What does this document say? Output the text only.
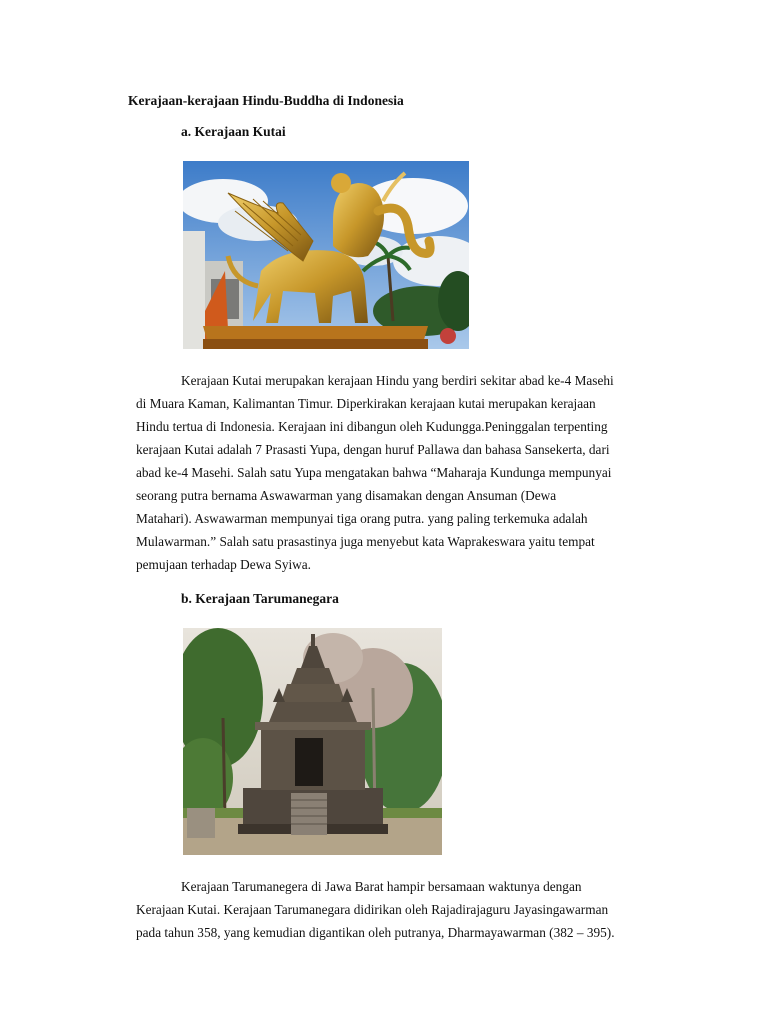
Kerajaan-kerajaan Hindu-Buddha di Indonesia
a. Kerajaan Kutai
Kerajaan Kutai merupakan kerajaan Hindu yang berdiri sekitar abad ke-4 Masehi
di Muara Kaman, Kalimantan Timur. Diperkirakan kerajaan kutai merupakan kerajaan
Hindu tertua di Indonesia. Kerajaan ini dibangun oleh Kudungga.Peninggalan terpenting
kerajaan Kutai adalah 7 Prasasti Yupa, dengan huruf Pallawa dan bahasa Sansekerta, dari
abad ke-4 Masehi. Salah satu Yupa mengatakan bahwa “Maharaja Kundunga mempunyai
seorang putra bernama Aswawarman yang disamakan dengan Ansuman (Dewa
Matahari). Aswawarman mempunyai tiga orang putra. yang paling terkemuka adalah
Mulawarman.” Salah satu prasastinya juga menyebut kata Waprakeswara yaitu tempat
pemujaan terhadap Dewa Syiwa.
b. Kerajaan Tarumanegara
Kerajaan Tarumanegera di Jawa Barat hampir bersamaan waktunya dengan
Kerajaan Kutai. Kerajaan Tarumanegara didirikan oleh Rajadirajaguru Jayasingawarman
pada tahun 358, yang kemudian digantikan oleh putranya, Dharmayawarman (382 – 395).
